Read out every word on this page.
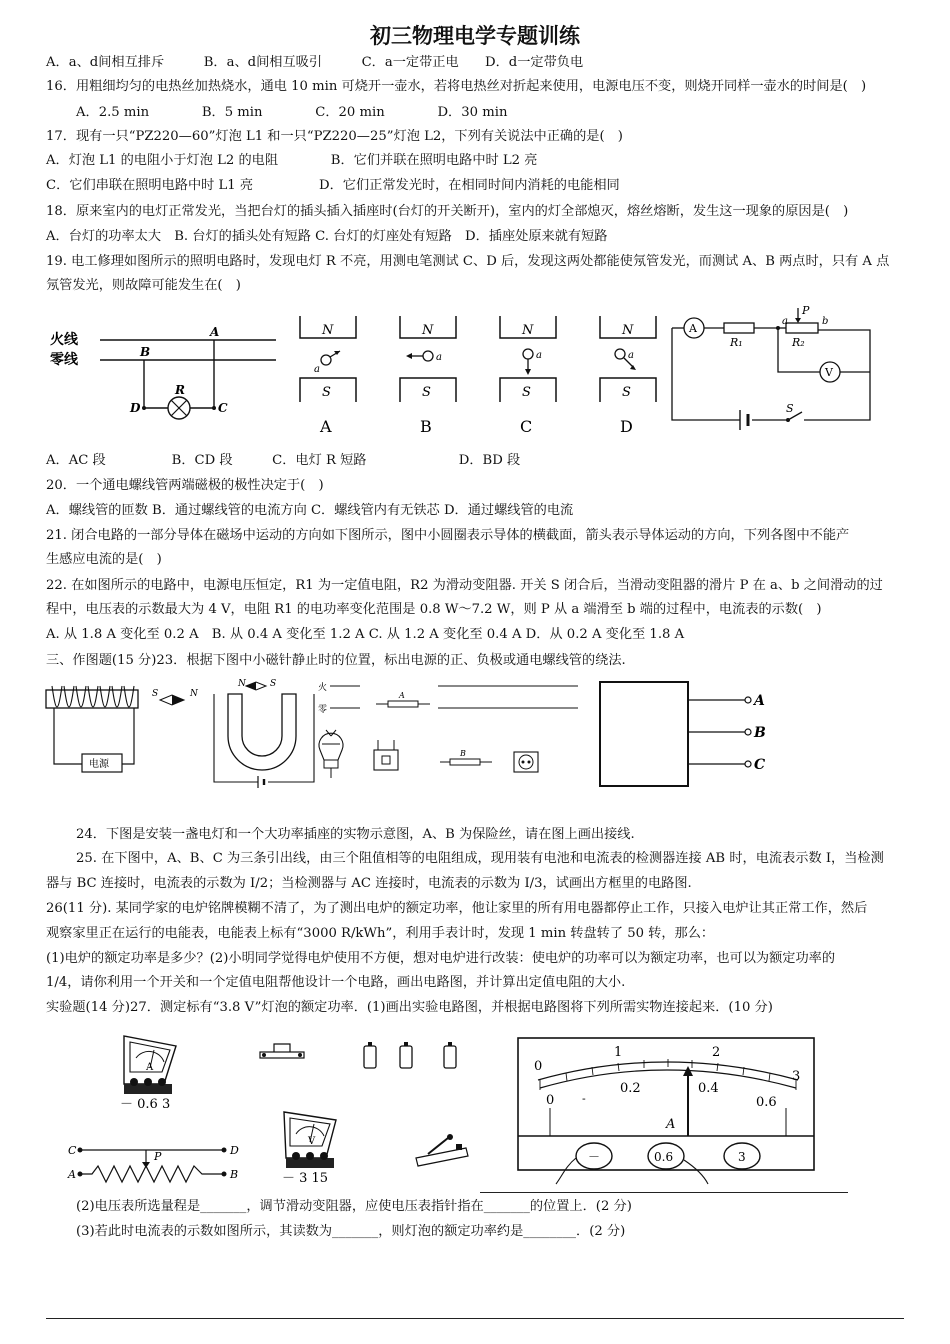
初三物理电学专题训练
A．a、d间相互排斥　　　B．a、d间相互吸引　　　C．a一定带正电　　D．d一定带负电
16．用粗细均匀的电热丝加热烧水，通电 10 min 可烧开一壶水，若将电热丝对折起来使用，电源电压不变，则烧开同样一壶水的时间是(　)
A．2.5 min　　　　B．5 min　　　　C．20 min　　　　D．30 min
17．现有一只“PZ220—60”灯泡 L1 和一只“PZ220—25”灯泡 L2，下列有关说法中正确的是(　)
A．灯泡 L1 的电阻小于灯泡 L2 的电阻　　　　B．它们并联在照明电路中时 L2 亮
C．它们串联在照明电路中时 L1 亮　　　　　D．它们正常发光时，在相同时间内消耗的电能相同
18．原来室内的电灯正常发光，当把台灯的插头插入插座时(台灯的开关断开)，室内的灯全部熄灭，熔丝熔断，发生这一现象的原因是(　)
A．台灯的功率太大　B. 台灯的插头处有短路 C. 台灯的灯座处有短路　D．插座处原来就有短路
19. 电工修理如图所示的照明电路时，发现电灯 R 不亮，用测电笔测试 C、D 后，发现这两处都能使氖管发光，而测试 A、B 两点时，只有 A 点
氖管发光，则故障可能发生在(　)
火线
零线
A
B
C
D
R
N
a
S
A
N
a
S
B
N
a
S
C
N
a
S
D
S
A
R₁	R₂
P
a	b
V
A．AC 段　　　　　B．CD 段　　　C．电灯 R 短路　　　　　　　D．BD 段
20．一个通电螺线管两端磁极的极性决定于(　)
A．螺线管的匝数 B．通过螺线管的电流方向 C．螺线管内有无铁芯 D．通过螺线管的电流
21. 闭合电路的一部分导体在磁场中运动的方向如下图所示，图中小圆圈表示导体的横截面，箭头表示导体运动的方向，下列各图中不能产
生感应电流的是(　)
22. 在如图所示的电路中，电源电压恒定，R1 为一定值电阻，R2 为滑动变阻器. 开关 S 闭合后，当滑动变阻器的滑片 P 在 a、b 之间滑动的过
程中，电压表的示数最大为 4 V，电阻 R1 的电功率变化范围是 0.8 W～7.2 W，则 P 从 a 端滑至 b 端的过程中，电流表的示数(　)
A. 从 1.8 A 变化至 0.2 A　B. 从 0.4 A 变化至 1.2 A C. 从 1.2 A 变化至 0.4 A D．从 0.2 A 变化至 1.8 A
三、作图题(15 分)23．根据下图中小磁针静止时的位置，标出电源的正、负极或通电螺线管的绕法.
电源
S	N
N	S	火
零
A
B
A
B
C
24．下图是安装一盏电灯和一个大功率插座的实物示意图，A、B 为保险丝，请在图上画出接线.
25. 在下图中，A、B、C 为三条引出线，由三个阻值相等的电阻组成，现用装有电池和电流表的检测器连接 AB 时，电流表示数 I，当检测
器与 BC 连接时，电流表的示数为 I/2；当检测器与 AC 连接时，电流表的示数为 I/3，试画出方框里的电路图.
26(11 分). 某同学家的电炉铭牌模糊不清了，为了测出电炉的额定功率，他让家里的所有用电器都停止工作，只接入电炉让其正常工作，然后
观察家里正在运行的电能表，电能表上标有“3000 R/kWh”，利用手表计时，发现 1 min 转盘转了 50 转，那么：
(1)电炉的额定功率是多少？(2)小明同学觉得电炉使用不方便，想对电炉进行改装：使电炉的功率可以为额定功率，也可以为额定功率的
1/4，请你利用一个开关和一个定值电阻帮他设计一个电路，画出电路图，并计算出定值电阻的大小.
实验题(14 分)27．测定标有“3.8 V”灯泡的额定功率．(1)画出实验电路图，并根据电路图将下列所需实物连接起来．(10 分)
A
－ 0.6 3
V
－ 3 15
C	D
A	B
P
0
1	2
3
0
0.2	0.4
0.6
-
A
－	0.6	3
(2)电压表所选量程是_______，调节滑动变阻器，应使电压表指针指在_______的位置上．(2 分)
(3)若此时电流表的示数如图所示，其读数为_______，则灯泡的额定功率约是________．(2 分)
